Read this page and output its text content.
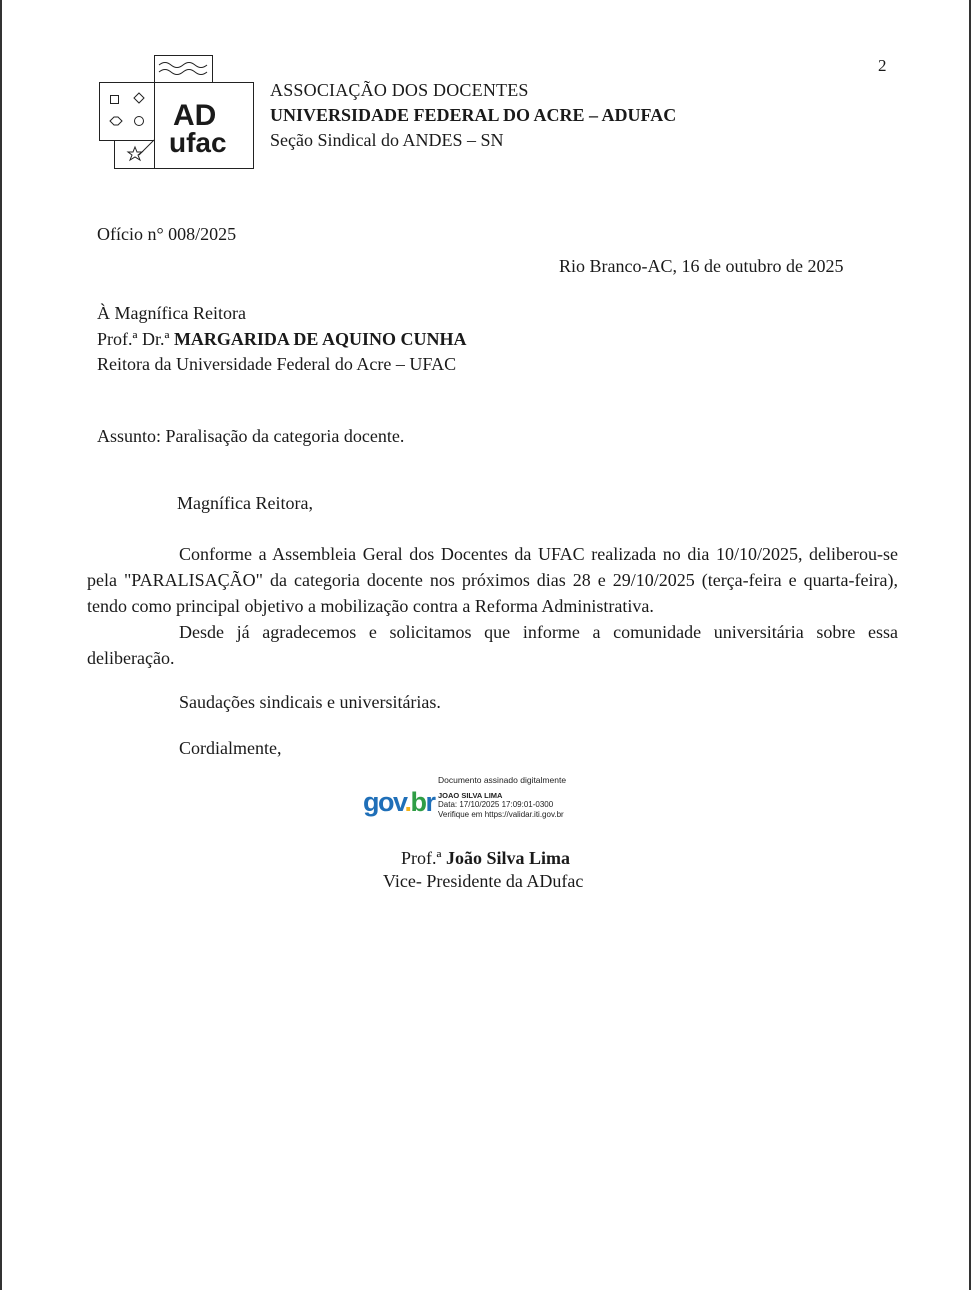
2
AD
ufac
ASSOCIAÇÃO DOS DOCENTES
UNIVERSIDADE FEDERAL DO ACRE – ADUFAC
Seção Sindical do ANDES – SN
Ofício n° 008/2025
Rio Branco-AC, 16 de outubro de 2025
À Magnífica Reitora
Prof.ª Dr.ª MARGARIDA DE AQUINO CUNHA
Reitora da Universidade Federal do Acre – UFAC
Assunto: Paralisação da categoria docente.
Magnífica Reitora,

Conforme a Assembleia Geral dos Docentes da UFAC realizada no dia 10/10/2025, deliberou-se pela "PARALISAÇÃO" da categoria docente nos próximos dias 28 e 29/10/2025 (terça-feira e quarta-feira), tendo como principal objetivo a mobilização contra a Reforma Administrativa.

Desde já agradecemos e solicitamos que informe a comunidade universitária sobre essa deliberação.

Saudações sindicais e universitárias.
Cordialmente,
gov.br
Documento assinado digitalmente
JOAO SILVA LIMA
Data: 17/10/2025 17:09:01-0300
Verifique em https://validar.iti.gov.br
Prof.ª João Silva Lima
Vice- Presidente da ADufac
